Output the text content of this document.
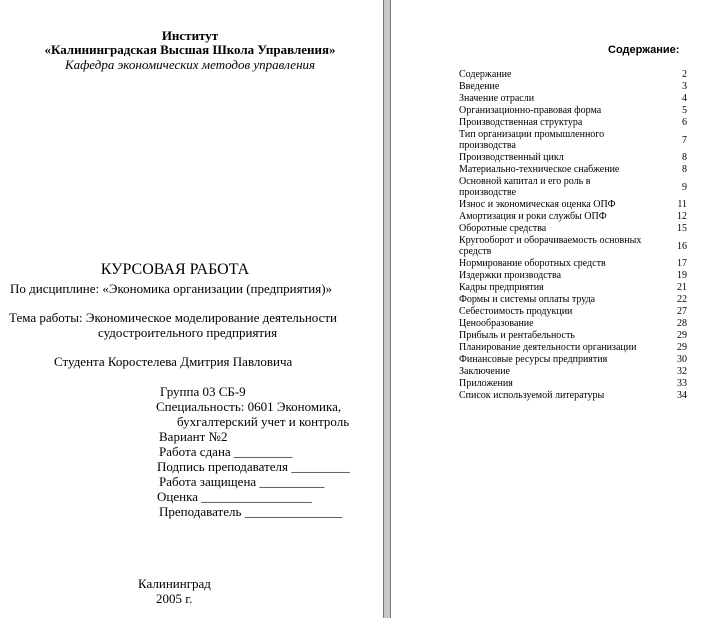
Институт
«Калининградская Высшая Школа Управления»
Кафедра экономических методов управления
КУРСОВАЯ РАБОТА
По дисциплине: «Экономика организации (предприятия)»
Тема работы: Экономическое моделирование деятельности
судостроительного предприятия
Студента Коростелева Дмитрия Павловича
Группа 03 СБ-9
Специальность: 0601 Экономика,
бухгалтерский учет и контроль
Вариант №2
Работа сдана _________
Подпись преподавателя _________
Работа защищена __________
Оценка _________________
Преподаватель _______________
Калининград
2005 г.
Содержание:
Содержание	2
Введение	3
Значение отрасли	4
Организационно-правовая форма	5
Производственная структура	6
Тип организации промышленного производства	7
Производственный цикл	8
Материально-техническое снабжение	8
Основной капитал и его роль в производстве	9
Износ и экономическая оценка ОПФ	11
Амортизация и роки службы ОПФ	12
Оборотные средства	15
Кругооборот и оборачиваемость основных средств	16
Нормирование оборотных средств	17
Издержки производства	19
Кадры предприятия	21
Формы и системы оплаты труда	22
Себестоимость продукции	27
Ценообразование	28
Прибыль и рентабельность	29
Планирование деятельности организации	29
Финансовые ресурсы предприятия	30
Заключение	32
Приложения	33
Список используемой литературы	34
